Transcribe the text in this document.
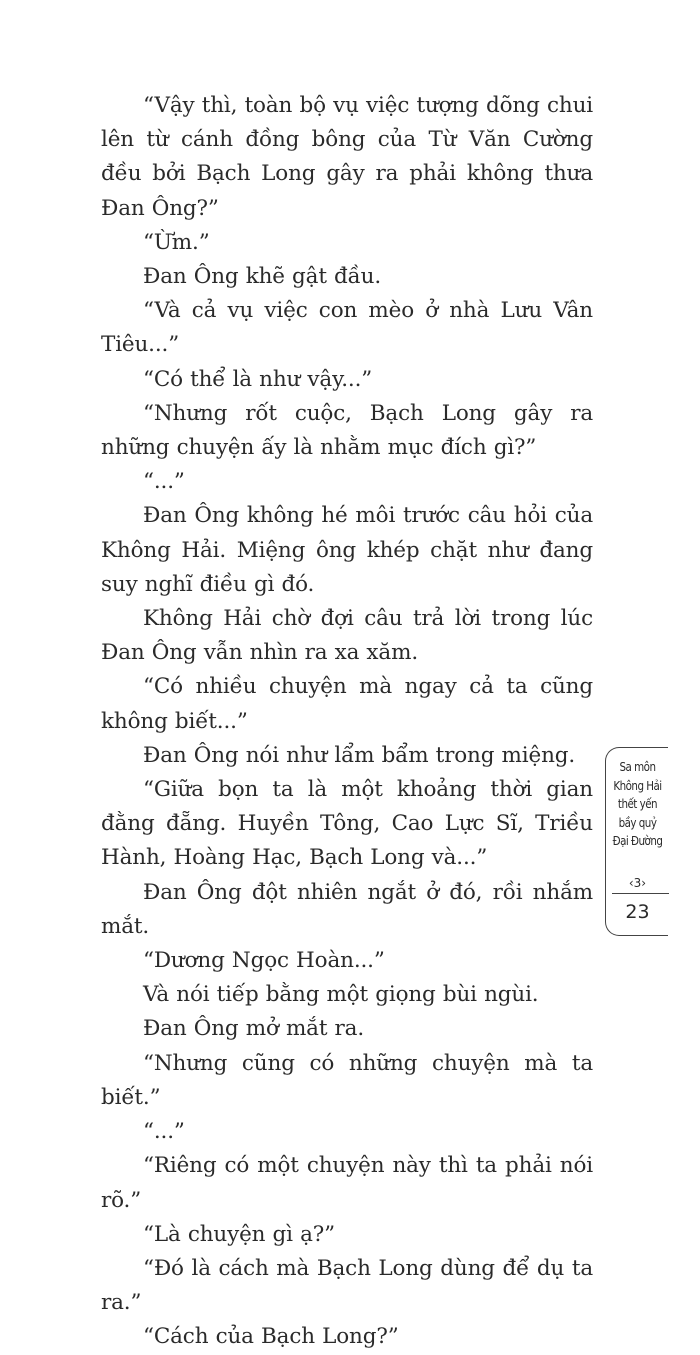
“Vậy thì, toàn bộ vụ việc tượng dõng chui lên từ cánh đồng bông của Từ Văn Cường đều bởi Bạch Long gây ra phải không thưa Đan Ông?”

“Ừm.”

Đan Ông khẽ gật đầu.

“Và cả vụ việc con mèo ở nhà Lưu Vân Tiêu...”

“Có thể là như vậy...”

“Nhưng rốt cuộc, Bạch Long gây ra những chuyện ấy là nhằm mục đích gì?”

“...”

Đan Ông không hé môi trước câu hỏi của Không Hải. Miệng ông khép chặt như đang suy nghĩ điều gì đó.

Không Hải chờ đợi câu trả lời trong lúc Đan Ông vẫn nhìn ra xa xăm.

“Có nhiều chuyện mà ngay cả ta cũng không biết...”

Đan Ông nói như lẩm bẩm trong miệng.

“Giữa bọn ta là một khoảng thời gian đằng đẵng. Huyền Tông, Cao Lực Sĩ, Triều Hành, Hoàng Hạc, Bạch Long và...”

Đan Ông đột nhiên ngắt ở đó, rồi nhắm mắt.

“Dương Ngọc Hoàn...”

Và nói tiếp bằng một giọng bùi ngùi.

Đan Ông mở mắt ra.

“Nhưng cũng có những chuyện mà ta biết.”

“...”

“Riêng có một chuyện này thì ta phải nói rõ.”

“Là chuyện gì ạ?”

“Đó là cách mà Bạch Long dùng để dụ ta ra.”

“Cách của Bạch Long?”

Sa môn
Không Hải
thết yến
bầy quỷ
Đại Đường
‹3›
23
